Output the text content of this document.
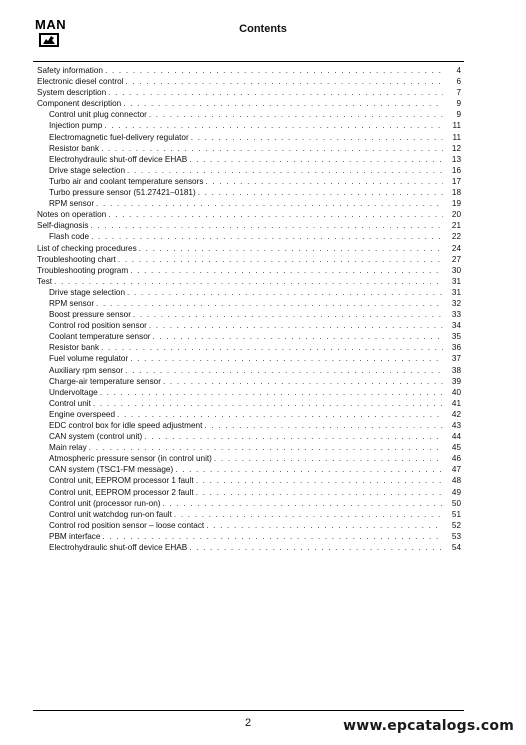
MAN	Contents
Safety information . . .	4
Electronic diesel control . . .	6
System description . . .	7
Component description . . .	9
Control unit plug connector . . .	9
Injection pump . . .	11
Electromagnetic fuel-delivery regulator . . .	11
Resistor bank . . .	12
Electrohydraulic shut-off device EHAB . . .	13
Drive stage selection . . .	16
Turbo air and coolant temperature sensors . . .	17
Turbo pressure sensor (51.27421–0181) . . .	18
RPM sensor . . .	19
Notes on operation . . .	20
Self-diagnosis . . .	21
Flash code . . .	22
List of checking procedures . . .	24
Troubleshooting chart . . .	27
Troubleshooting program . . .	30
Test . . .	31
Drive stage selection . . .	31
RPM sensor . . .	32
Boost pressure sensor . . .	33
Control rod position sensor . . .	34
Coolant temperature sensor . . .	35
Resistor bank . . .	36
Fuel volume regulator . . .	37
Auxiliary rpm sensor . . .	38
Charge-air temperature sensor . . .	39
Undervoltage . . .	40
Control unit . . .	41
Engine overspeed . . .	42
EDC control box for idle speed adjustment . . .	43
CAN system (control unit) . . .	44
Main relay . . .	45
Atmospheric pressure sensor (in control unit) . . .	46
CAN system (TSC1-FM message) . . .	47
Control unit, EEPROM processor 1 fault . . .	48
Control unit, EEPROM processor 2 fault . . .	49
Control unit (processor run-on) . . .	50
Control unit watchdog run-on fault . . .	51
Control rod position sensor – loose contact . . .	52
PBM interface . . .	53
Electrohydraulic shut-off device EHAB . . .	54
2	www.epcatalogs.com
